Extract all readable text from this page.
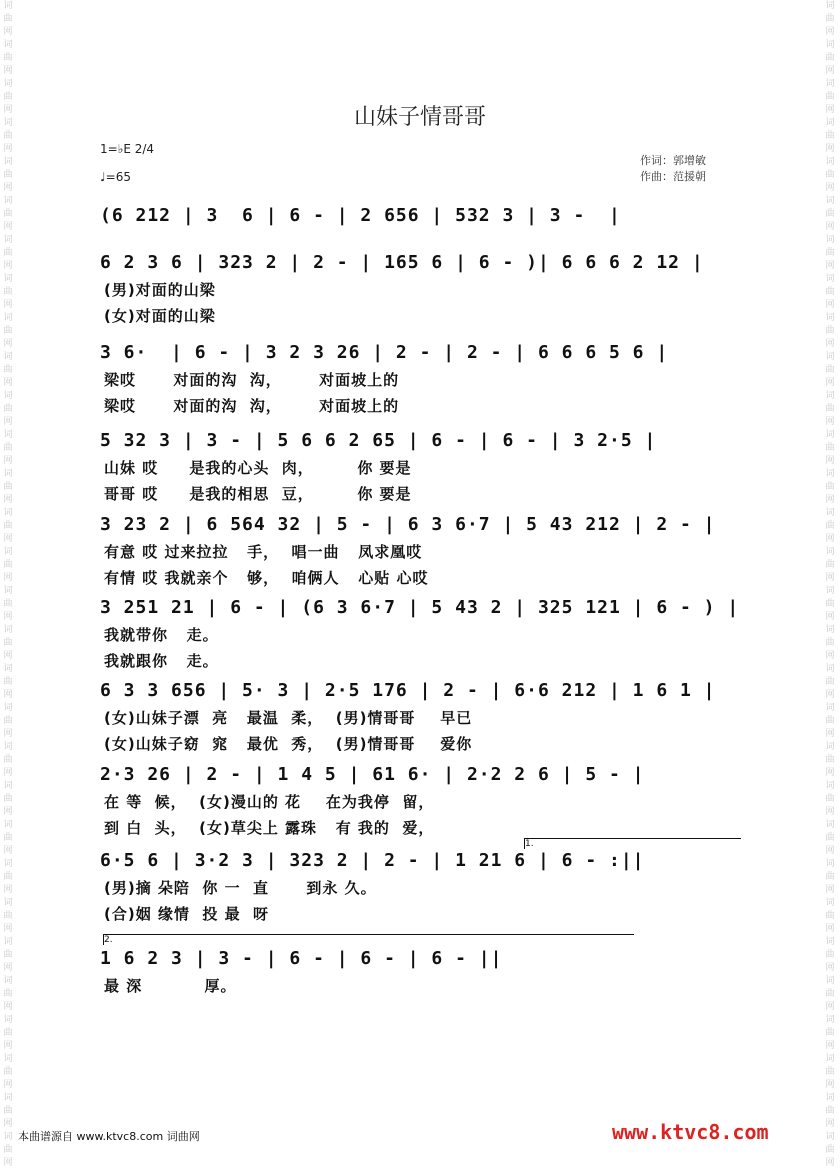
词曲网词曲网词曲网词曲网词曲网词曲网词曲网词曲网词曲网词曲网词曲网词曲网词曲网词曲网词曲网词曲网词曲网词曲网词曲网词曲网词曲网词曲网词曲网词曲网词曲网词曲网词曲网词曲网词曲网词曲网
词曲网词曲网词曲网词曲网词曲网词曲网词曲网词曲网词曲网词曲网词曲网词曲网词曲网词曲网词曲网词曲网词曲网词曲网词曲网词曲网词曲网词曲网词曲网词曲网词曲网词曲网词曲网词曲网词曲网词曲网
山妹子情哥哥
1=♭E 2/4
♩=65
作词：郭增敏
作曲：范援朝
(6 212 | 3  6 | 6 - | 2 656 | 532 3 | 3 -  |
6 2 3 6 | 323 2 | 2 - | 165 6 | 6 - )| 6 6 6 2 12 |
(男)对面的山梁
(女)对面的山梁
3 6·  | 6 - | 3 2 3 26 | 2 - | 2 - | 6 6 6 5 6 |
梁哎      对面的沟  沟，      对面坡上的
梁哎      对面的沟  沟，      对面坡上的
5 32 3 | 3 - | 5 6 6 2 65 | 6 - | 6 - | 3 2·5 |
山妹 哎     是我的心头  肉，       你 要是
哥哥 哎     是我的相思  豆，       你 要是
3 23 2 | 6 564 32 | 5 - | 6 3 6·7 | 5 43 212 | 2 - |
有意 哎 过来拉拉   手，  唱一曲   凤求凰哎
有情 哎 我就亲个   够，  咱俩人   心贴 心哎
3 251 21 | 6 - | (6 3 6·7 | 5 43 2 | 325 121 | 6 - ) |
我就带你   走。
我就跟你   走。
6 3 3 656 | 5· 3 | 2·5 176 | 2 - | 6·6 212 | 1 6 1 |
(女)山妹子漂  亮   最温  柔，  (男)情哥哥    早已
(女)山妹子窈  窕   最优  秀，  (男)情哥哥    爱你
2·3 26 | 2 - | 1 4 5 | 61 6· | 2·2 2 6 | 5 - |
在 等  候，  (女)漫山的 花    在为我停  留，
到 白  头，  (女)草尖上 露珠   有 我的  爱，
6·5 6 | 3·2 3 | 323 2 | 2 - | 1 21 6 | 6 - :||
(男)摘 朵陪  你 一  直      到永 久。
(合)姻 缘情  投 最  呀
1 6 2 3 | 3 - | 6 - | 6 - | 6 - ||
最 深          厚。
1.
2.
本曲谱源自 www.ktvc8.com 词曲网	www.ktvc8.com
